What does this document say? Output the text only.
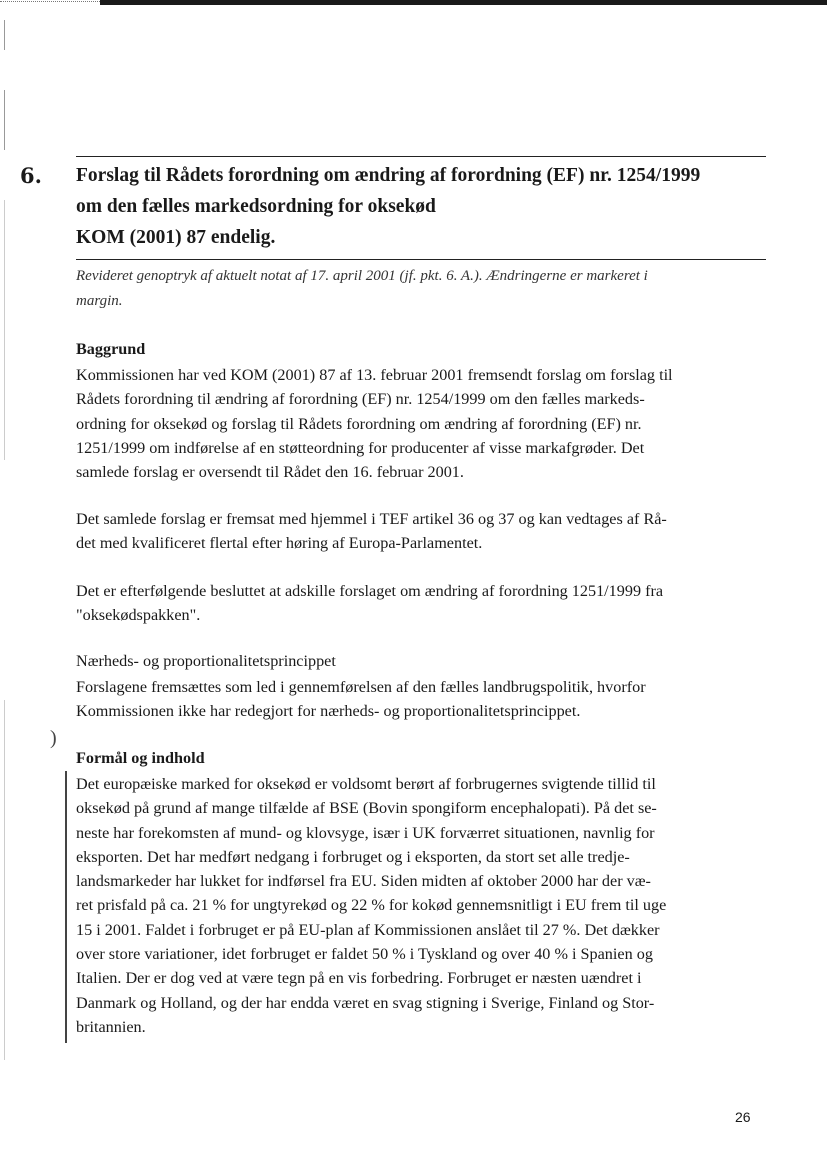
6. Forslag til Rådets forordning om ændring af forordning (EF) nr. 1254/1999
om den fælles markedsordning for oksekød
KOM (2001) 87 endelig.
Revideret genoptryk af aktuelt notat af 17. april 2001 (jf. pkt. 6. A.). Ændringerne er markeret i
margin.
Baggrund
Kommissionen har ved KOM (2001) 87 af 13. februar 2001 fremsendt forslag om forslag til
Rådets forordning til ændring af forordning (EF) nr. 1254/1999 om den fælles markeds-
ordning for oksekød og forslag til Rådets forordning om ændring af forordning (EF) nr.
1251/1999 om indførelse af en støtteordning for producenter af visse markafgrøder. Det
samlede forslag er oversendt til Rådet den 16. februar 2001.
Det samlede forslag er fremsat med hjemmel i TEF artikel 36 og 37 og kan vedtages af Rå-
det med kvalificeret flertal efter høring af Europa-Parlamentet.
Det er efterfølgende besluttet at adskille forslaget om ændring af forordning 1251/1999 fra
"oksekødspakken".
Nærheds- og proportionalitetsprincippet
Forslagene fremsættes som led i gennemførelsen af den fælles landbrugspolitik, hvorfor
Kommissionen ikke har redegjort for nærheds- og proportionalitetsprincippet.
)
Formål og indhold
Det europæiske marked for oksekød er voldsomt berørt af forbrugernes svigtende tillid til
oksekød på grund af mange tilfælde af BSE (Bovin spongiform encephalopati). På det se-
neste har forekomsten af mund- og klovsyge, især i UK forværret situationen, navnlig for
eksporten. Det har medført nedgang i forbruget og i eksporten, da stort set alle tredje-
landsmarkeder har lukket for indførsel fra EU. Siden midten af oktober 2000 har der væ-
ret prisfald på ca. 21 % for ungtyrekød og 22 % for kokød gennemsnitligt i EU frem til uge
15 i 2001. Faldet i forbruget er på EU-plan af Kommissionen anslået til 27 %. Det dækker
over store variationer, idet forbruget er faldet 50 % i Tyskland og over 40 % i Spanien og
Italien. Der er dog ved at være tegn på en vis forbedring. Forbruget er næsten uændret i
Danmark og Holland, og der har endda været en svag stigning i Sverige, Finland og Stor-
britannien.
26
